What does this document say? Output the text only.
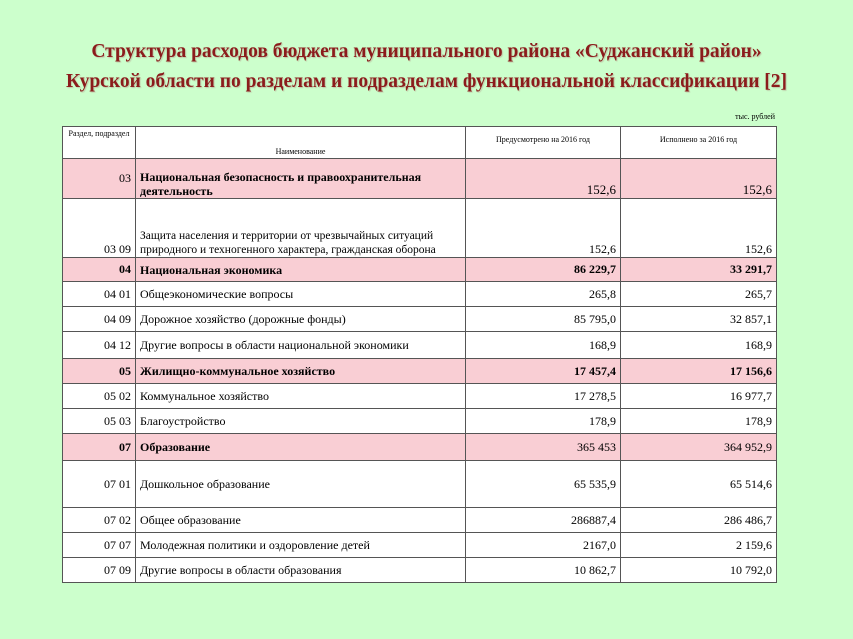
Структура расходов бюджета муниципального района «Суджанский район»
Курской области по разделам и подразделам функциональной классификации [2]
тыс. рублей
Раздел, подраздел	Наименование	Предусмотрено на 2016 год	Исполнено за 2016 год
03	Национальная безопасность и правоохранительная деятельность	152,6	152,6
03 09	Защита населения и территории от чрезвычайных ситуаций природного и техногенного характера, гражданская оборона	152,6	152,6
04	Национальная экономика	86 229,7	33 291,7
04 01	Общеэкономические вопросы	265,8	265,7
04 09	Дорожное хозяйство (дорожные фонды)	85 795,0	32 857,1
04 12	Другие вопросы в области национальной экономики	168,9	168,9
05	Жилищно-коммунальное хозяйство	17 457,4	17 156,6
05 02	Коммунальное хозяйство	17 278,5	16 977,7
05 03	Благоустройство	178,9	178,9
07	Образование	365 453	364 952,9
07 01	Дошкольное образование	65 535,9	65 514,6
07 02	Общее образование	286887,4	286 486,7
07 07	Молодежная политики и оздоровление детей	2167,0	2 159,6
07 09	Другие вопросы в области образования	10 862,7	10 792,0
